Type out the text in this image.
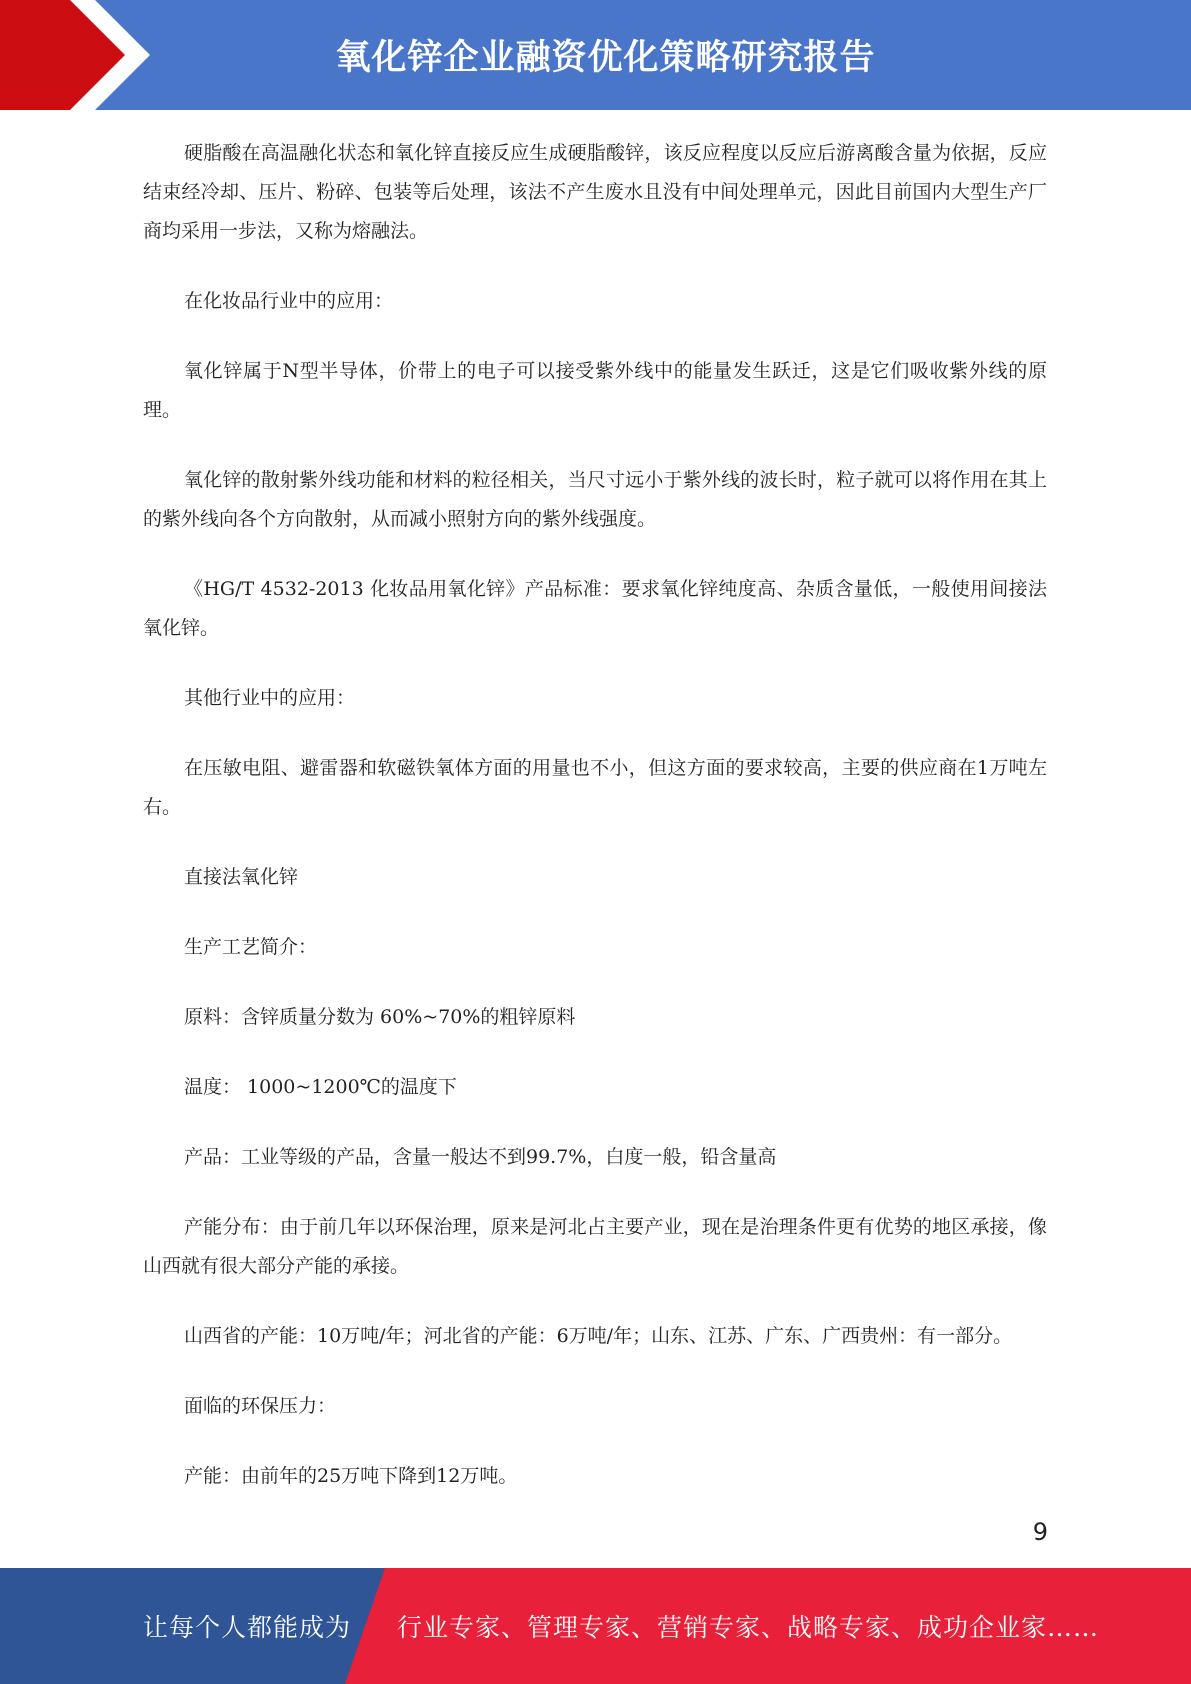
氧化锌企业融资优化策略研究报告

硬脂酸在高温融化状态和氧化锌直接反应生成硬脂酸锌，该反应程度以反应后游离酸含量为依据，反应结束经冷却、压片、粉碎、包装等后处理，该法不产生废水且没有中间处理单元，因此目前国内大型生产厂商均采用一步法，又称为熔融法。

在化妆品行业中的应用：

氧化锌属于N型半导体，价带上的电子可以接受紫外线中的能量发生跃迁，这是它们吸收紫外线的原理。

氧化锌的散射紫外线功能和材料的粒径相关，当尺寸远小于紫外线的波长时，粒子就可以将作用在其上的紫外线向各个方向散射，从而减小照射方向的紫外线强度。

《HG/T 4532-2013 化妆品用氧化锌》产品标准：要求氧化锌纯度高、杂质含量低，一般使用间接法氧化锌。

其他行业中的应用：

在压敏电阻、避雷器和软磁铁氧体方面的用量也不小，但这方面的要求较高，主要的供应商在1万吨左右。

直接法氧化锌

生产工艺简介：

原料：含锌质量分数为 60%~70%的粗锌原料

温度： 1000~1200℃的温度下

产品：工业等级的产品，含量一般达不到99.7%，白度一般，铅含量高

产能分布：由于前几年以环保治理，原来是河北占主要产业，现在是治理条件更有优势的地区承接，像山西就有很大部分产能的承接。

山西省的产能：10万吨/年；河北省的产能：6万吨/年；山东、江苏、广东、广西贵州：有一部分。

面临的环保压力：

产能：由前年的25万吨下降到12万吨。

9
让每个人都能成为 行业专家、管理专家、营销专家、战略专家、成功企业家……
